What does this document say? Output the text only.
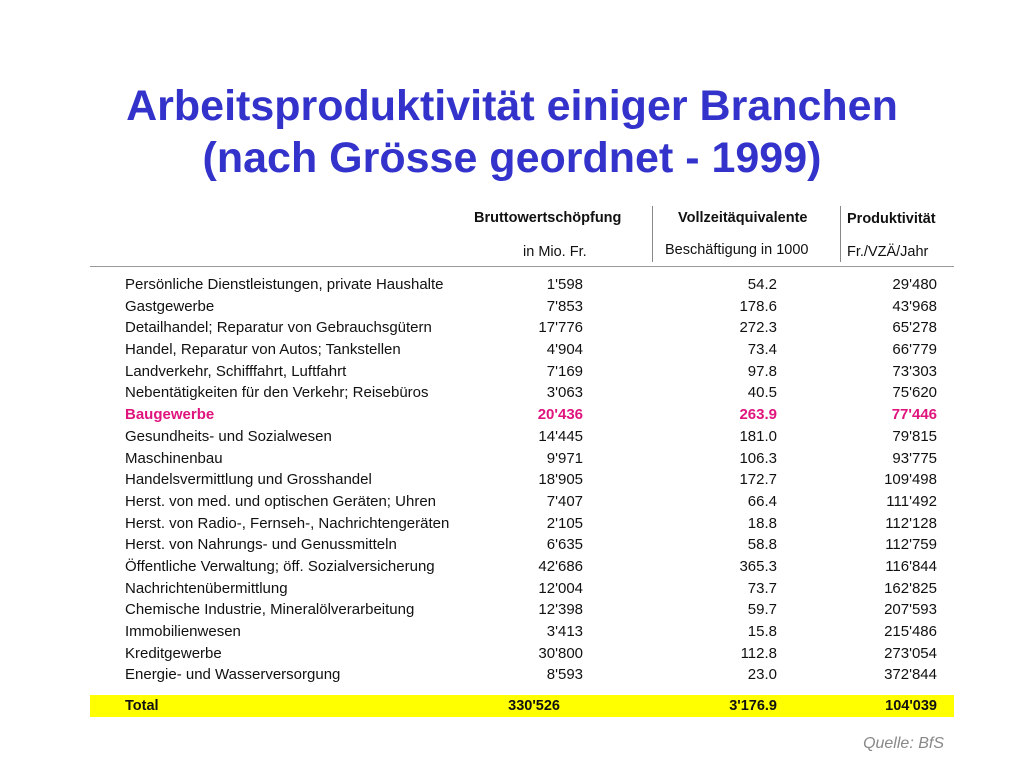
Arbeitsproduktivität einiger Branchen
(nach Grösse geordnet - 1999)
Bruttowertschöpfung
in Mio. Fr.
Vollzeitäquivalente
Beschäftigung in 1000
Produktivität
Fr./VZÄ/Jahr
Persönliche Dienstleistungen, private Haushalte	1'598	54.2	29'480
Gastgewerbe	7'853	178.6	43'968
Detailhandel; Reparatur von Gebrauchsgütern	17'776	272.3	65'278
Handel, Reparatur von Autos; Tankstellen	4'904	73.4	66'779
Landverkehr, Schifffahrt, Luftfahrt	7'169	97.8	73'303
Nebentätigkeiten für den Verkehr; Reisebüros	3'063	40.5	75'620
Baugewerbe	20'436	263.9	77'446
Gesundheits- und Sozialwesen	14'445	181.0	79'815
Maschinenbau	9'971	106.3	93'775
Handelsvermittlung und Grosshandel	18'905	172.7	109'498
Herst. von med. und optischen Geräten; Uhren	7'407	66.4	111'492
Herst. von Radio-, Fernseh-, Nachrichtengeräten	2'105	18.8	112'128
Herst. von Nahrungs- und Genussmitteln	6'635	58.8	112'759
Öffentliche Verwaltung; öff. Sozialversicherung	42'686	365.3	116'844
Nachrichtenübermittlung	12'004	73.7	162'825
Chemische Industrie, Mineralölverarbeitung	12'398	59.7	207'593
Immobilienwesen	3'413	15.8	215'486
Kreditgewerbe	30'800	112.8	273'054
Energie- und Wasserversorgung	8'593	23.0	372'844
Total	330'526	3'176.9	104'039
Quelle: BfS
